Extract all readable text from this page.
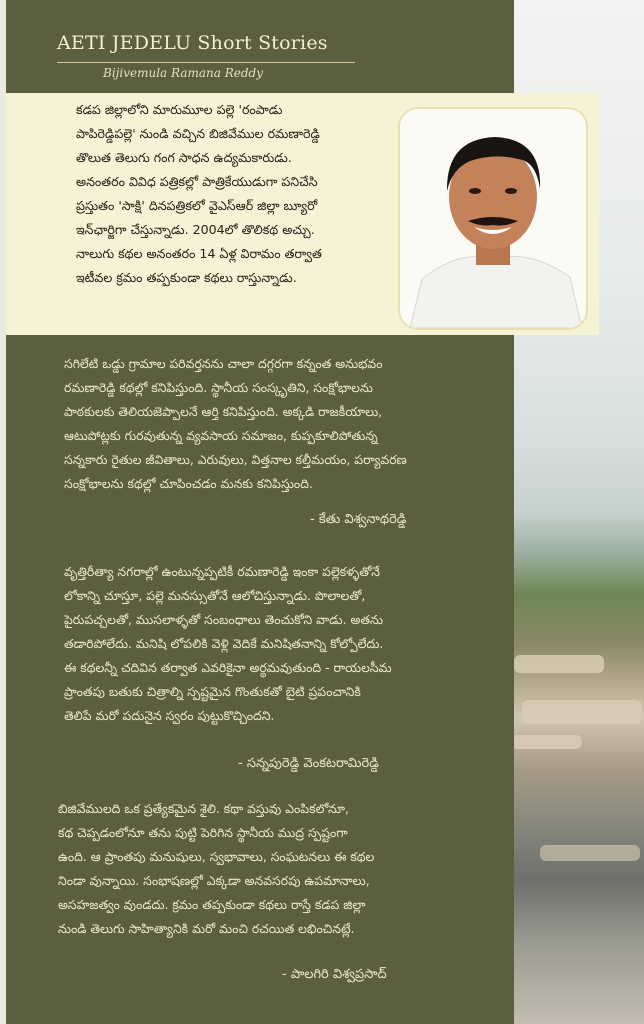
AETI JEDELU Short Stories
Bijivemula Ramana Reddy

కడప జిల్లాలోని మారుమూల పల్లె 'రంపాడు

పాపిరెడ్డిపల్లె' నుండి వచ్చిన బిజివేముల రమణారెడ్డి

తొలుత తెలుగు గంగ సాధన ఉద్యమకారుడు.

అనంతరం వివిధ పత్రికల్లో పాత్రికేయుడుగా పనిచేసి

ప్రస్తుతం 'సాక్షి' దినపత్రికలో వైఎస్ఆర్ జిల్లా బ్యూరో

ఇన్‌ఛార్జిగా చేస్తున్నాడు. 2004లో తొలికథ అచ్చు.

నాలుగు కథల అనంతరం 14 ఏళ్ల విరామం తర్వాత

ఇటీవల క్రమం తప్పకుండా కథలు రాస్తున్నాడు.

సగిలేటి ఒడ్డు గ్రామాల పరివర్తనను చాలా దగ్గరగా కన్నంత అనుభవం
రమణారెడ్డి కథల్లో కనిపిస్తుంది. స్థానీయ సంస్కృతిని, సంక్షోభాలను
పాఠకులకు తెలియజెప్పాలనే ఆర్తి కనిపిస్తుంది. అక్కడి రాజకీయాలు,
ఆటుపోట్లకు గురవుతున్న వ్యవసాయ సమాజం, కుప్పకూలిపోతున్న
సన్నకారు రైతుల జీవితాలు, ఎరువులు, విత్తనాల కల్తీమయం, పర్యావరణ
సంక్షోభాలను కథల్లో చూపించడం మనకు కనిపిస్తుంది.
- కేతు విశ్వనాథరెడ్డి
వృత్తిరీత్యా నగరాల్లో ఉంటున్నప్పటికీ రమణారెడ్డి ఇంకా పల్లెకళ్ళతోనే
లోకాన్ని చూస్తూ, పల్లె మనస్సుతోనే ఆలోచిస్తున్నాడు. పొలాలతో,
పైరుపచ్చలతో, ముసలాళ్ళతో సంబంధాలు తెంచుకోని వాడు. అతను
తడారిపోలేదు. మనిషి లోపలికి వెళ్లి వెదికే మనిషితనాన్ని కోల్పోలేదు.
ఈ కథలన్నీ చదివిన తర్వాత ఎవరికైనా అర్థమవుతుంది - రాయలసీమ
ప్రాంతపు బతుకు చిత్రాల్ని స్పష్టమైన గొంతుకతో బైటి ప్రపంచానికి
తెలిపే మరో పదునైన స్వరం పుట్టుకొచ్చిందని.
- సన్నపురెడ్డి వెంకటరామిరెడ్డి
బిజివేములది ఒక ప్రత్యేకమైన శైలి. కథా వస్తువు ఎంపికలోనూ,
కథ చెప్పడంలోనూ తను పుట్టి పెరిగిన స్థానీయ ముద్ర స్పష్టంగా
ఉంది. ఆ ప్రాంతపు మనుషులు, స్వభావాలు, సంఘటనలు ఈ కథల
నిండా వున్నాయి. సంభాషణల్లో ఎక్కడా అనవసరపు ఉపమానాలు,
అసహజత్వం వుండదు. క్రమం తప్పకుండా కథలు రాస్తే కడప జిల్లా
నుండి తెలుగు సాహిత్యానికి మరో మంచి రచయిత లభించినట్లే.
- పాలగిరి విశ్వప్రసాద్
